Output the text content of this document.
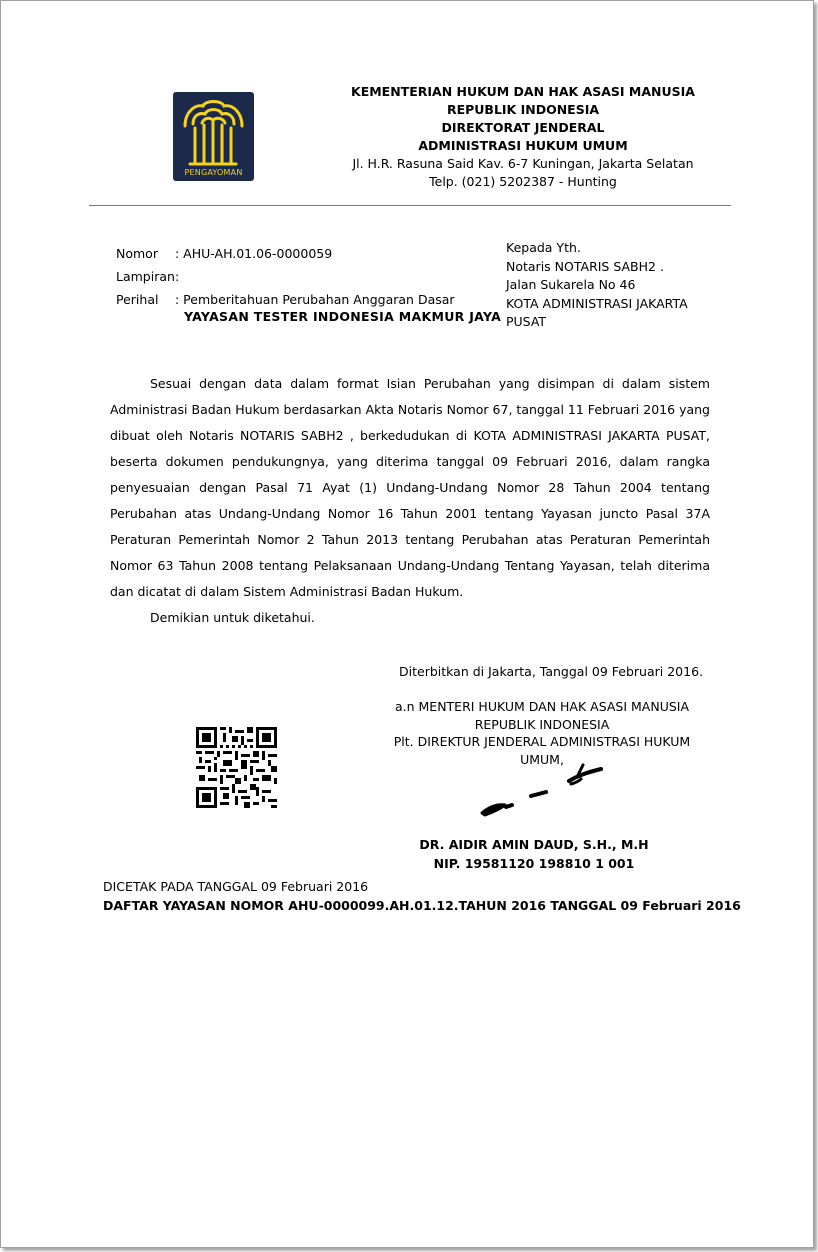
PENGAYOMAN
KEMENTERIAN HUKUM DAN HAK ASASI MANUSIA
REPUBLIK INDONESIA
DIREKTORAT JENDERAL
ADMINISTRASI HUKUM UMUM
Jl. H.R. Rasuna Said Kav. 6-7 Kuningan, Jakarta Selatan
Telp. (021) 5202387 - Hunting
Nomor : AHU-AH.01.06-0000059
Lampiran :
Perihal : Pemberitahuan Perubahan Anggaran Dasar
YAYASAN TESTER INDONESIA MAKMUR JAYA
Kepada Yth.
Notaris NOTARIS SABH2 .
Jalan Sukarela No 46
KOTA ADMINISTRASI JAKARTA PUSAT

Sesuai dengan data dalam format Isian Perubahan yang disimpan di dalam sistem Administrasi Badan Hukum berdasarkan Akta Notaris Nomor 67, tanggal 11 Februari 2016 yang dibuat oleh Notaris NOTARIS SABH2 , berkedudukan di KOTA ADMINISTRASI JAKARTA PUSAT, beserta dokumen pendukungnya, yang diterima tanggal 09 Februari 2016, dalam rangka penyesuaian dengan Pasal 71 Ayat (1) Undang-Undang Nomor 28 Tahun 2004 tentang Perubahan atas Undang-Undang Nomor 16 Tahun 2001 tentang Yayasan juncto Pasal 37A Peraturan Pemerintah Nomor 2 Tahun 2013 tentang Perubahan atas Peraturan Pemerintah Nomor 63 Tahun 2008 tentang Pelaksanaan Undang-Undang Tentang Yayasan, telah diterima dan dicatat di dalam Sistem Administrasi Badan Hukum.

Demikian untuk diketahui.

Diterbitkan di Jakarta, Tanggal 09 Februari 2016.
a.n MENTERI HUKUM DAN HAK ASASI MANUSIA
REPUBLIK INDONESIA
Plt. DIREKTUR JENDERAL ADMINISTRASI HUKUM UMUM,
DR. AIDIR AMIN DAUD, S.H., M.H
NIP. 19581120 198810 1 001
DICETAK PADA TANGGAL 09 Februari 2016
DAFTAR YAYASAN NOMOR AHU-0000099.AH.01.12.TAHUN 2016 TANGGAL 09 Februari 2016
